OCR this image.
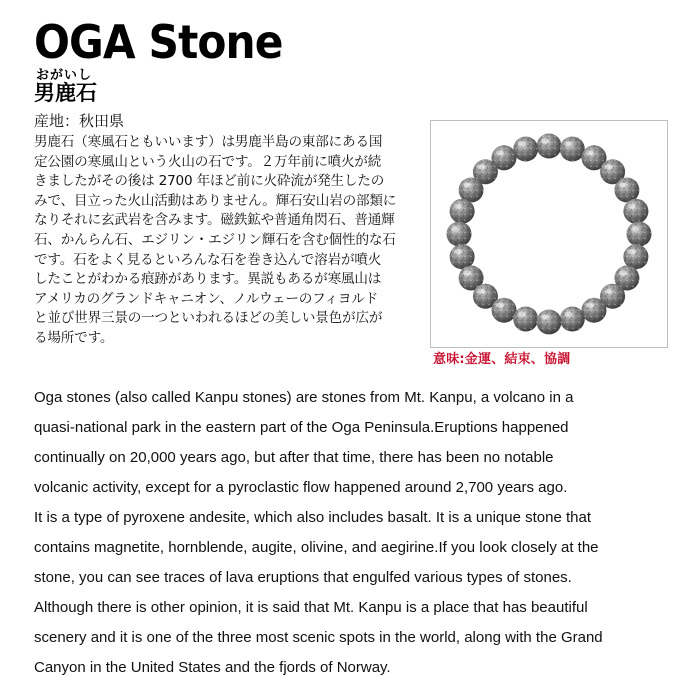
OGA Stone
おがいし
男鹿石
産地：秋田県
男鹿石（寒風石ともいいます）は男鹿半島の東部にある国
定公園の寒風山という火山の石です。２万年前に噴火が続
きましたがその後は 2700 年ほど前に火砕流が発生したの
みで、目立った火山活動はありません。輝石安山岩の部類に
なりそれに玄武岩を含みます。磁鉄鉱や普通角閃石、普通輝
石、かんらん石、エジリン・エジリン輝石を含む個性的な石
です。石をよく見るといろんな石を巻き込んで溶岩が噴火
したことがわかる痕跡があります。異説もあるが寒風山は
アメリカのグランドキャニオン、ノルウェーのフィヨルド
と並び世界三景の一つといわれるほどの美しい景色が広が
る場所です。
意味:金運、結束、協調
Oga stones (also called Kanpu stones) are stones from Mt. Kanpu, a volcano in a
quasi-national park in the eastern part of the Oga Peninsula.Eruptions happened
continually on 20,000 years ago, but after that time, there has been no notable
volcanic activity, except for a pyroclastic flow happened around 2,700 years ago.
It is a type of pyroxene andesite, which also includes basalt. It is a unique stone that
contains magnetite, hornblende, augite, olivine, and aegirine.If you look closely at the
stone, you can see traces of lava eruptions that engulfed various types of stones.
Although there is other opinion, it is said that Mt. Kanpu is a place that has beautiful
scenery and it is one of the three most scenic spots in the world, along with the Grand
Canyon in the United States and the fjords of Norway.
